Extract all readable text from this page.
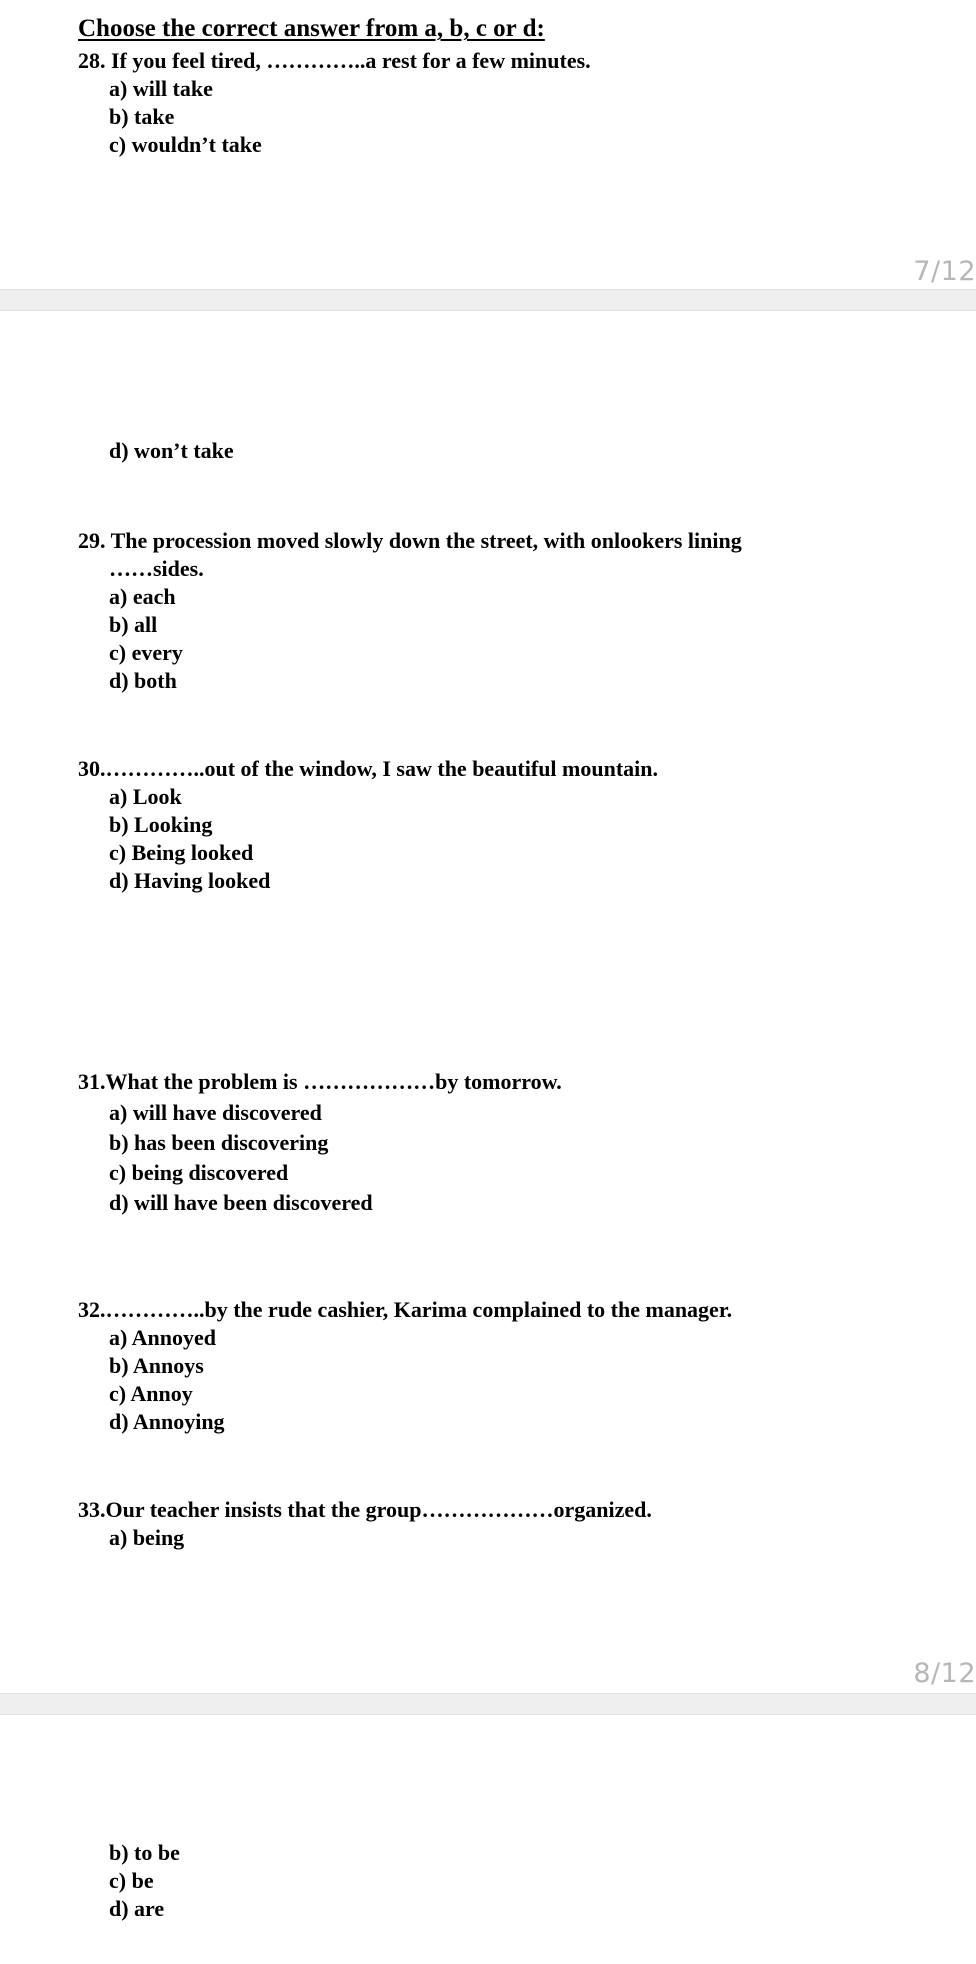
Choose the correct answer from a, b, c or d:
28. If you feel tired, …………..a rest for a few minutes.
a) will take
b) take
c) wouldn’t take
7/12
d) won’t take
29. The procession moved slowly down the street, with onlookers lining
……sides.
a) each
b) all
c) every
d) both
30.…………..out of the window, I saw the beautiful mountain.
a) Look
b) Looking
c) Being looked
d) Having looked
31.What the problem is ………………by tomorrow.
a) will have discovered
b) has been discovering
c) being discovered
d) will have been discovered
32.…………..by the rude cashier, Karima complained to the manager.
a) Annoyed
b) Annoys
c) Annoy
d) Annoying
33.Our teacher insists that the group………………organized.
a) being
8/12
b) to be
c) be
d) are
